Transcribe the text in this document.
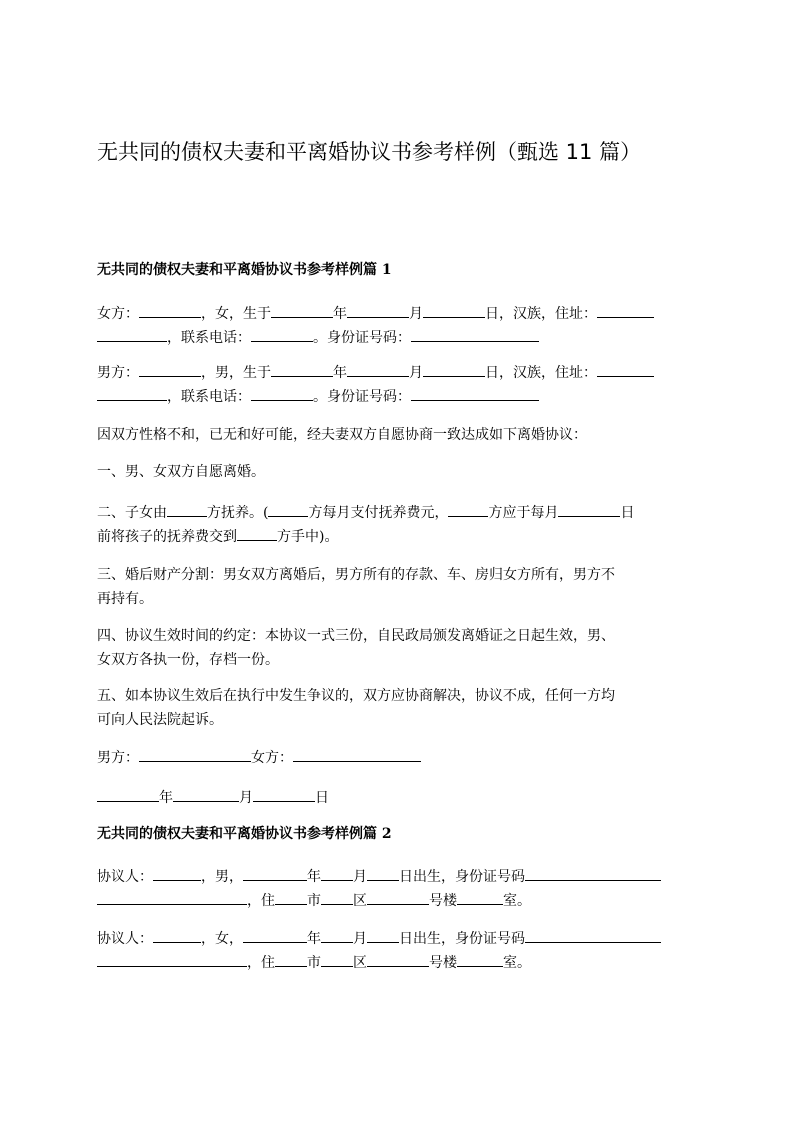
无共同的债权夫妻和平离婚协议书参考样例（甄选 11 篇）
无共同的债权夫妻和平离婚协议书参考样例篇 1
女方：	，女，生于	年	月	日，汉族，住址：
，联系电话：	。身份证号码：
男方：	，男，生于	年	月	日，汉族，住址：
，联系电话：	。身份证号码：
因双方性格不和，已无和好可能，经夫妻双方自愿协商一致达成如下离婚协议：
一、男、女双方自愿离婚。
二、子女由	方抚养。(	方每月支付抚养费元，	方应于每月	日
前将孩子的抚养费交到	方手中)。
三、婚后财产分割：男女双方离婚后，男方所有的存款、车、房归女方所有，男方不
再持有。
四、协议生效时间的约定：本协议一式三份，自民政局颁发离婚证之日起生效，男、
女双方各执一份，存档一份。
五、如本协议生效后在执行中发生争议的，双方应协商解决，协议不成，任何一方均
可向人民法院起诉。
男方：	女方：
年	月	日
无共同的债权夫妻和平离婚协议书参考样例篇 2
协议人：	，男，	年 月 日出生，身份证号码
，住 市 区	号楼	室。
协议人：	，女，	年 月 日出生，身份证号码
，住 市 区	号楼	室。
